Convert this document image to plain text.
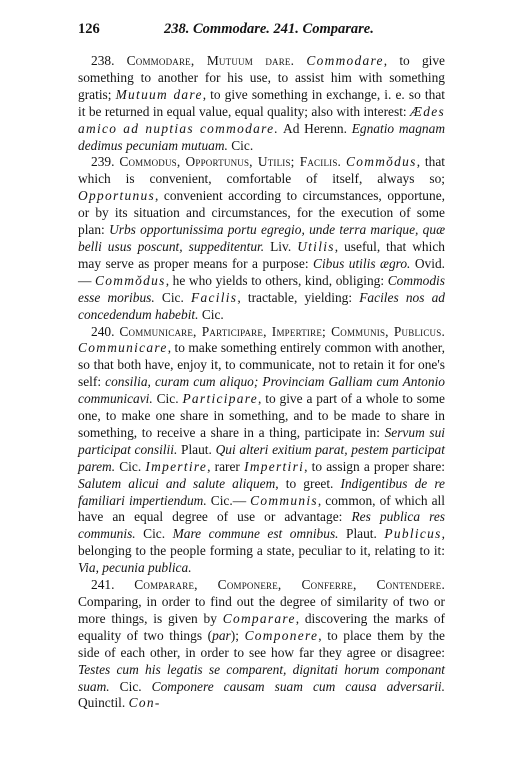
126	238. Commodare. 241. Comparare.

238. Commodare, Mutuum dare. Commodare, to give something to another for his use, to assist him with something gratis; Mutuum dare, to give something in exchange, i. e. so that it be returned in equal value, equal quality; also with interest: Ædes amico ad nuptias commodare. Ad Herenn. Egnatio magnam dedimus pecuniam mutuam. Cic.

239. Commodus, Opportunus, Utilis; Facilis. Commŏdus, that which is convenient, comfortable of itself, always so; Opportunus, convenient according to circumstances, opportune, or by its situation and circumstances, for the execution of some plan: Urbs opportunissima portu egregio, unde terra marique, quæ belli usus poscunt, suppeditentur. Liv. Utilis, useful, that which may serve as proper means for a purpose: Cibus utilis ægro. Ovid.— Commŏdus, he who yields to others, kind, obliging: Commodis esse moribus. Cic. Facilis, tractable, yielding: Faciles nos ad concedendum habebit. Cic.

240. Communicare, Participare, Impertire; Communis, Publicus. Communicare, to make something entirely common with another, so that both have, enjoy it, to communicate, not to retain it for one's self: consilia, curam cum aliquo; Provinciam Galliam cum Antonio communicavi. Cic. Participare, to give a part of a whole to some one, to make one share in something, and to be made to share in something, to receive a share in a thing, participate in: Servum sui participat consilii. Plaut. Qui alteri exitium parat, pestem participat parem. Cic. Impertire, rarer Impertiri, to assign a proper share: Salutem alicui and salute aliquem, to greet. Indigentibus de re familiari impertiendum. Cic.— Communis, common, of which all have an equal degree of use or advantage: Res publica res communis. Cic. Mare commune est omnibus. Plaut. Publicus, belonging to the people forming a state, peculiar to it, relating to it: Via, pecunia publica.

241. Comparare, Componere, Conferre, Contendere. Comparing, in order to find out the degree of similarity of two or more things, is given by Comparare, discovering the marks of equality of two things (par); Componere, to place them by the side of each other, in order to see how far they agree or disagree: Testes cum his legatis se comparent, dignitati horum componant suam. Cic. Componere causam suam cum causa adversarii. Quinctil. Con-
